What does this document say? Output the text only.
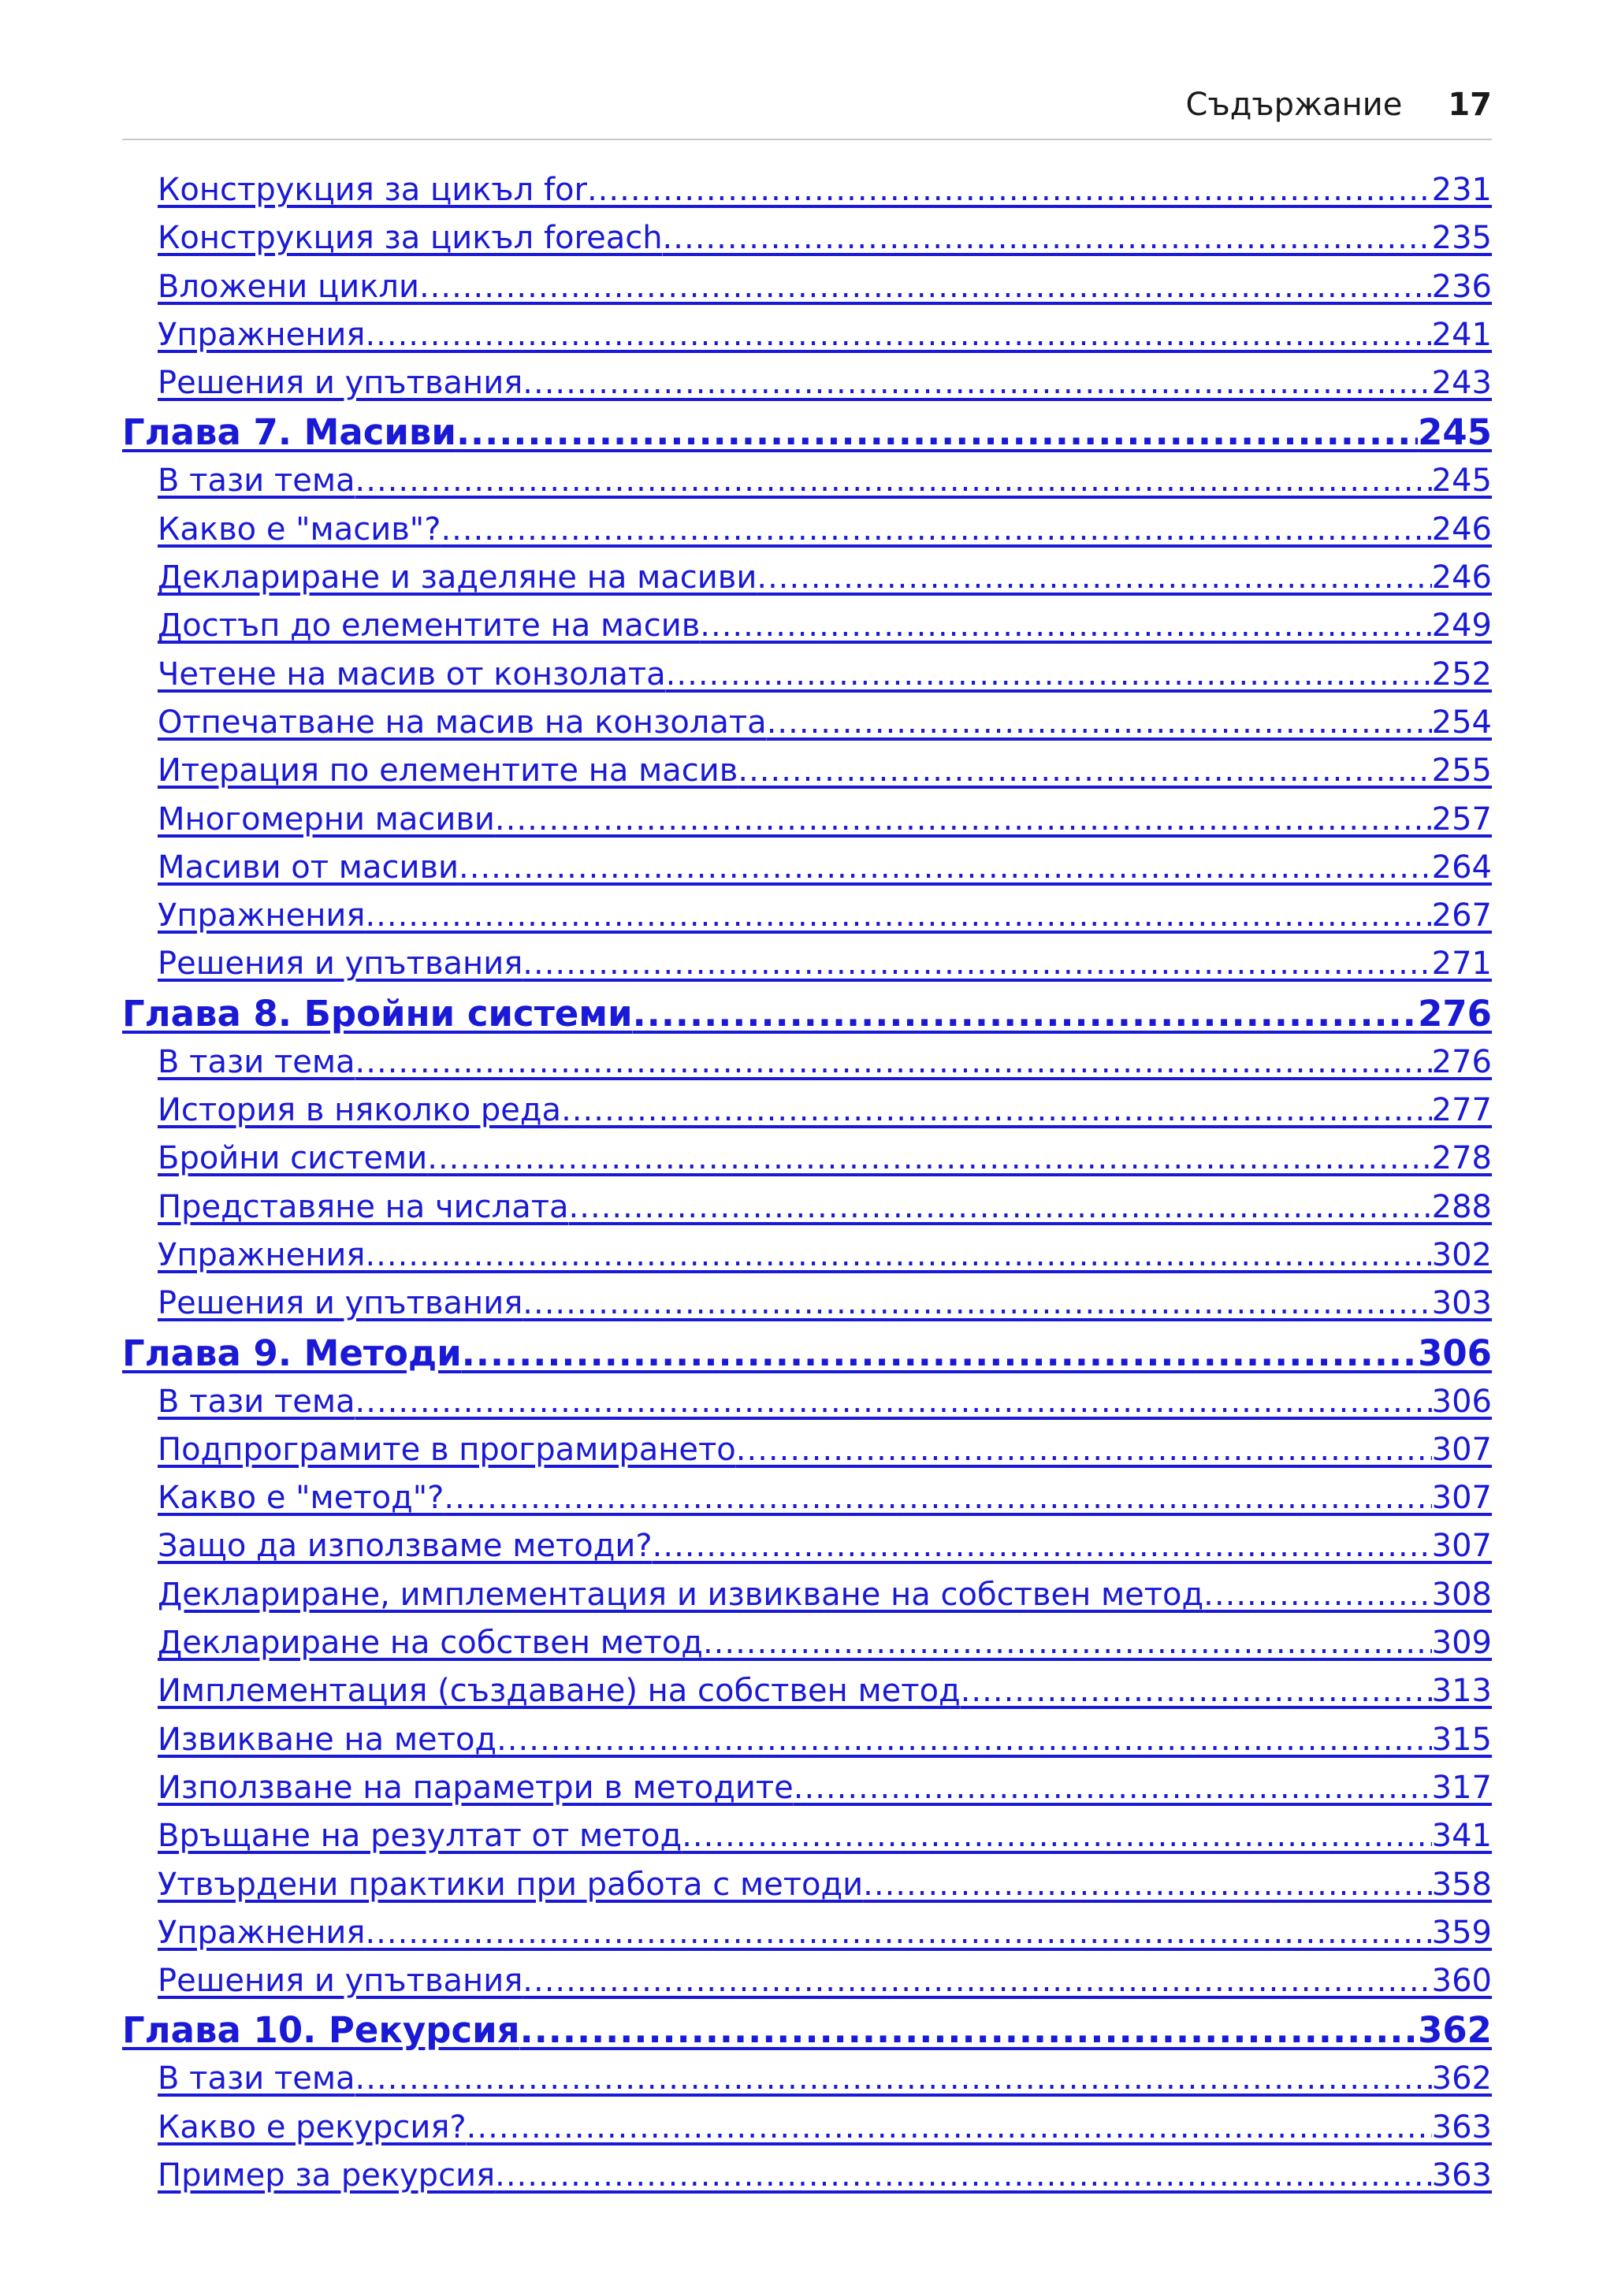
Съдържание 17
Конструкция за цикъл for .....	231
Конструкция за цикъл foreach .....	235
Вложени цикли .....	236
Упражнения .....	241
Решения и упътвания .....	243
Глава 7. Масиви .....	245
В тази тема .....	245
Какво е "масив"? .....	246
Деклариране и заделяне на масиви .....	246
Достъп до елементите на масив .....	249
Четене на масив от конзолата .....	252
Отпечатване на масив на конзолата .....	254
Итерация по елементите на масив .....	255
Многомерни масиви .....	257
Масиви от масиви .....	264
Упражнения .....	267
Решения и упътвания .....	271
Глава 8. Бройни системи .....	276
В тази тема .....	276
История в няколко реда .....	277
Бройни системи .....	278
Представяне на числата .....	288
Упражнения .....	302
Решения и упътвания .....	303
Глава 9. Методи .....	306
В тази тема .....	306
Подпрограмите в програмирането .....	307
Какво е "метод"? .....	307
Защо да използваме методи? .....	307
Деклариране, имплементация и извикване на собствен метод .....	308
Деклариране на собствен метод .....	309
Имплементация (създаване) на собствен метод .....	313
Извикване на метод .....	315
Използване на параметри в методите .....	317
Връщане на резултат от метод .....	341
Утвърдени практики при работа с методи .....	358
Упражнения .....	359
Решения и упътвания .....	360
Глава 10. Рекурсия .....	362
В тази тема .....	362
Какво е рекурсия? .....	363
Пример за рекурсия .....	363
